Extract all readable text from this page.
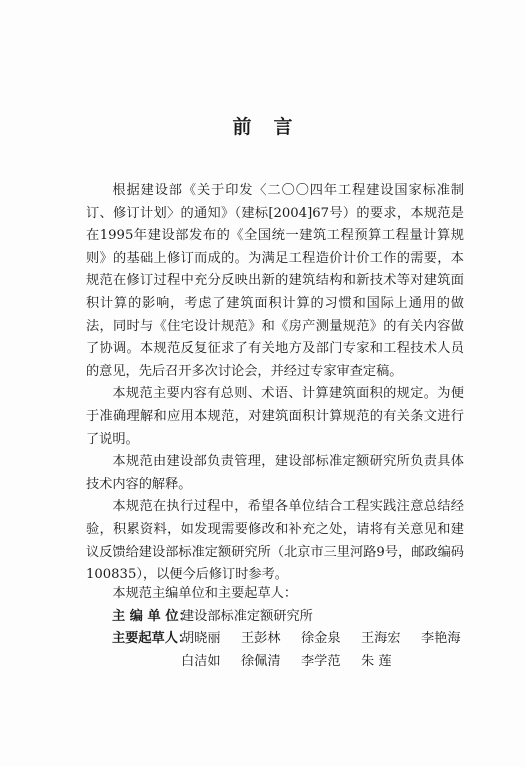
前言

根据建设部《关于印发〈二〇〇四年工程建设国家标准制订、修订计划〉的通知》（建标[2004]67号）的要求，本规范是在1995年建设部发布的《全国统一建筑工程预算工程量计算规则》的基础上修订而成的。为满足工程造价计价工作的需要，本规范在修订过程中充分反映出新的建筑结构和新技术等对建筑面积计算的影响，考虑了建筑面积计算的习惯和国际上通用的做法，同时与《住宅设计规范》和《房产测量规范》的有关内容做了协调。本规范反复征求了有关地方及部门专家和工程技术人员的意见，先后召开多次讨论会，并经过专家审查定稿。

本规范主要内容有总则、术语、计算建筑面积的规定。为便于准确理解和应用本规范，对建筑面积计算规范的有关条文进行了说明。

本规范由建设部负责管理，建设部标准定额研究所负责具体技术内容的解释。

本规范在执行过程中，希望各单位结合工程实践注意总结经验，积累资料，如发现需要修改和补充之处，请将有关意见和建议反馈给建设部标准定额研究所（北京市三里河路9号，邮政编码100835），以便今后修订时参考。

本规范主编单位和主要起草人：
主 编 单 位：
建设部标准定额研究所
主要起草人：
胡晓丽	王彭林	徐金泉	王海宏	李艳海
白洁如	徐佩清	李学范	朱 莲
